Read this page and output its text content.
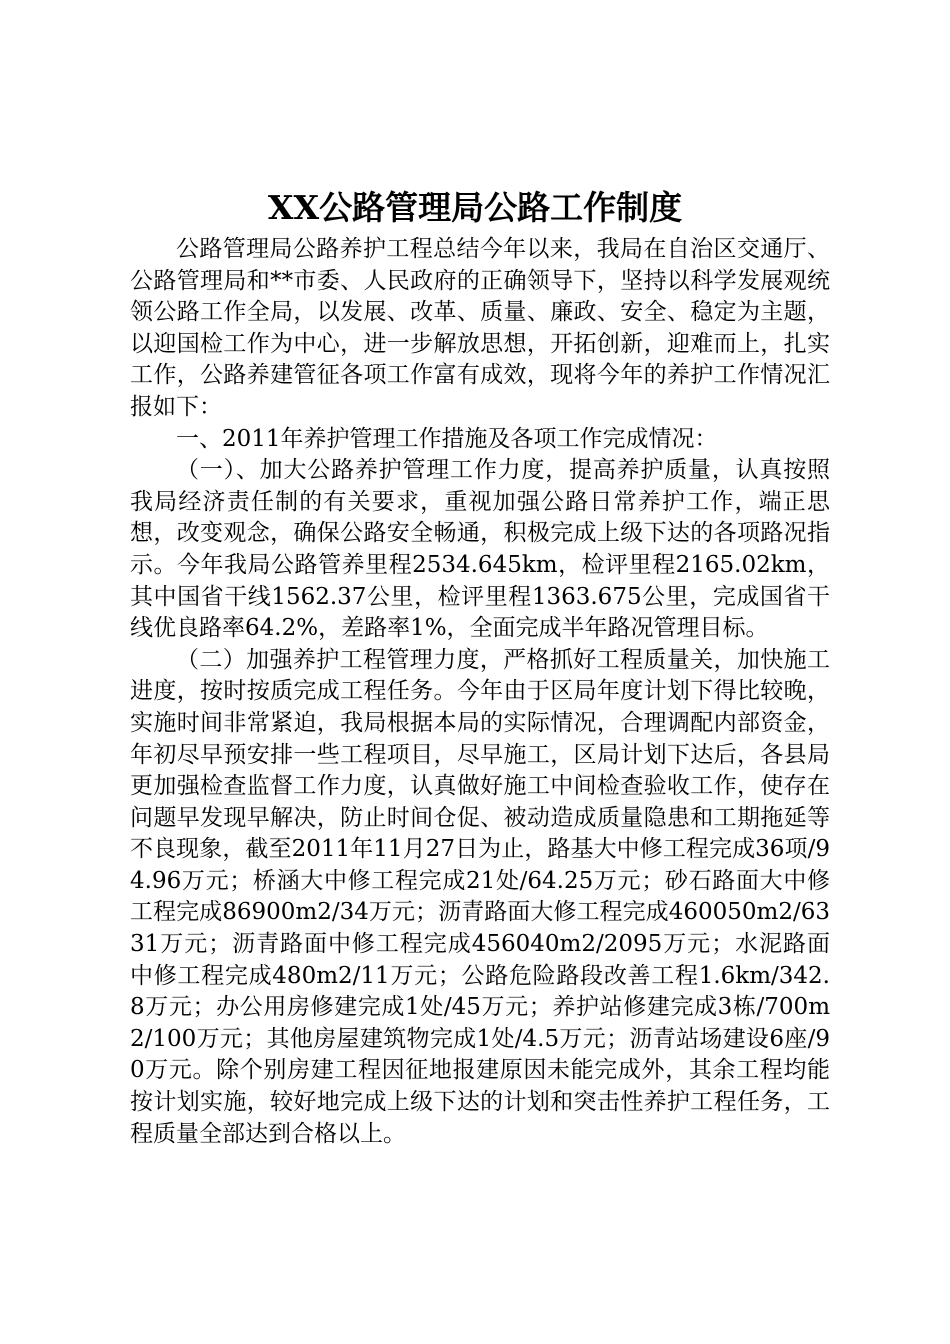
XX公路管理局公路工作制度

公路管理局公路养护工程总结今年以来，我局在自治区交通厅、公路管理局和**市委、人民政府的正确领导下，坚持以科学发展观统领公路工作全局，以发展、改革、质量、廉政、安全、稳定为主题，以迎国检工作为中心，进一步解放思想，开拓创新，迎难而上，扎实工作，公路养建管征各项工作富有成效，现将今年的养护工作情况汇报如下：

一、2011年养护管理工作措施及各项工作完成情况：

（一）、加大公路养护管理工作力度，提高养护质量，认真按照我局经济责任制的有关要求，重视加强公路日常养护工作，端正思想，改变观念，确保公路安全畅通，积极完成上级下达的各项路况指示。今年我局公路管养里程2534.645km，检评里程2165.02km，其中国省干线1562.37公里，检评里程1363.675公里，完成国省干线优良路率64.2%，差路率1%，全面完成半年路况管理目标。

（二）加强养护工程管理力度，严格抓好工程质量关，加快施工进度，按时按质完成工程任务。今年由于区局年度计划下得比较晚，实施时间非常紧迫，我局根据本局的实际情况，合理调配内部资金，年初尽早预安排一些工程项目，尽早施工，区局计划下达后，各县局更加强检查监督工作力度，认真做好施工中间检查验收工作，使存在问题早发现早解决，防止时间仓促、被动造成质量隐患和工期拖延等不良现象，截至2011年11月27日为止，路基大中修工程完成36项/94.96万元；桥涵大中修工程完成21处/64.25万元；砂石路面大中修工程完成86900m2/34万元；沥青路面大修工程完成460050m2/6331万元；沥青路面中修工程完成456040m2/2095万元；水泥路面中修工程完成480m2/11万元；公路危险路段改善工程1.6km/342.8万元；办公用房修建完成1处/45万元；养护站修建完成3栋/700m2/100万元；其他房屋建筑物完成1处/4.5万元；沥青站场建设6座/90万元。除个别房建工程因征地报建原因未能完成外，其余工程均能按计划实施，较好地完成上级下达的计划和突击性养护工程任务，工程质量全部达到合格以上。
